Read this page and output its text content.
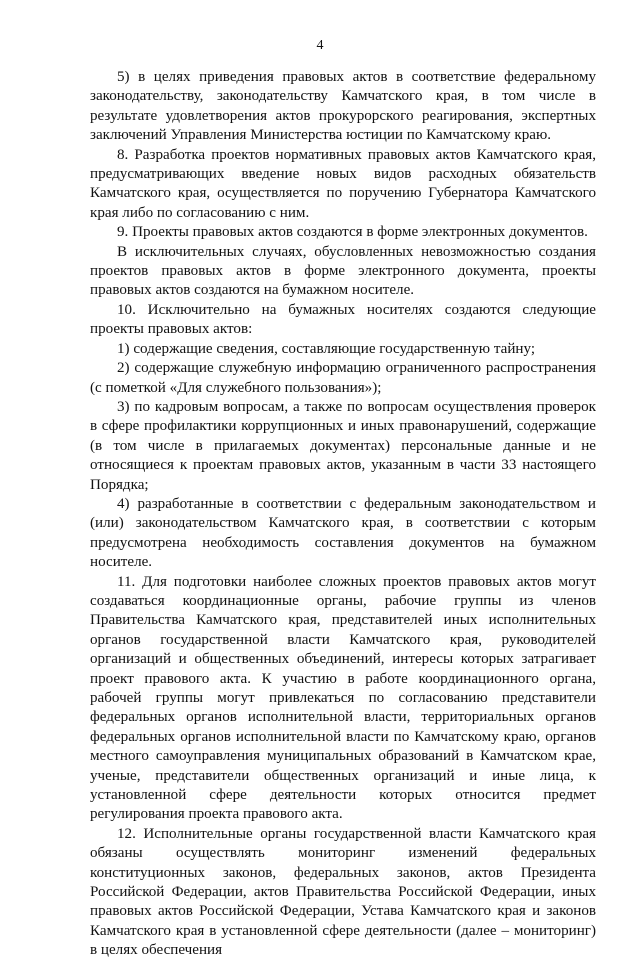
4

5) в целях приведения правовых актов в соответствие федеральному законодательству, законодательству Камчатского края, в том числе в результате удовлетворения актов прокурорского реагирования, экспертных заключений Управления Министерства юстиции по Камчатскому краю.

8. Разработка проектов нормативных правовых актов Камчатского края, предусматривающих введение новых видов расходных обязательств Камчатского края, осуществляется по поручению Губернатора Камчатского края либо по согласованию с ним.

9. Проекты правовых актов создаются в форме электронных документов.

В исключительных случаях, обусловленных невозможностью создания проектов правовых актов в форме электронного документа, проекты правовых актов создаются на бумажном носителе.

10. Исключительно на бумажных носителях создаются следующие проекты правовых актов:

1) содержащие сведения, составляющие государственную тайну;

2) содержащие служебную информацию ограниченного распространения (с пометкой «Для служебного пользования»);

3) по кадровым вопросам, а также по вопросам осуществления проверок в сфере профилактики коррупционных и иных правонарушений, содержащие (в том числе в прилагаемых документах) персональные данные и не относящиеся к проектам правовых актов, указанным в части 33 настоящего Порядка;

4) разработанные в соответствии с федеральным законодательством и (или) законодательством Камчатского края, в соответствии с которым предусмотрена необходимость составления документов на бумажном носителе.

11. Для подготовки наиболее сложных проектов правовых актов могут создаваться координационные органы, рабочие группы из членов Правительства Камчатского края, представителей иных исполнительных органов государственной власти Камчатского края, руководителей организаций и общественных объединений, интересы которых затрагивает проект правового акта. К участию в работе координационного органа, рабочей группы могут привлекаться по согласованию представители федеральных органов исполнительной власти, территориальных органов федеральных органов исполнительной власти по Камчатскому краю, органов местного самоуправления муниципальных образований в Камчатском крае, ученые, представители общественных организаций и иные лица, к установленной сфере деятельности которых относится предмет регулирования проекта правового акта.

12. Исполнительные органы государственной власти Камчатского края обязаны осуществлять мониторинг изменений федеральных конституционных законов, федеральных законов, актов Президента Российской Федерации, актов Правительства Российской Федерации, иных правовых актов Российской Федерации, Устава Камчатского края и законов Камчатского края в установленной сфере деятельности (далее – мониторинг) в целях обеспечения
